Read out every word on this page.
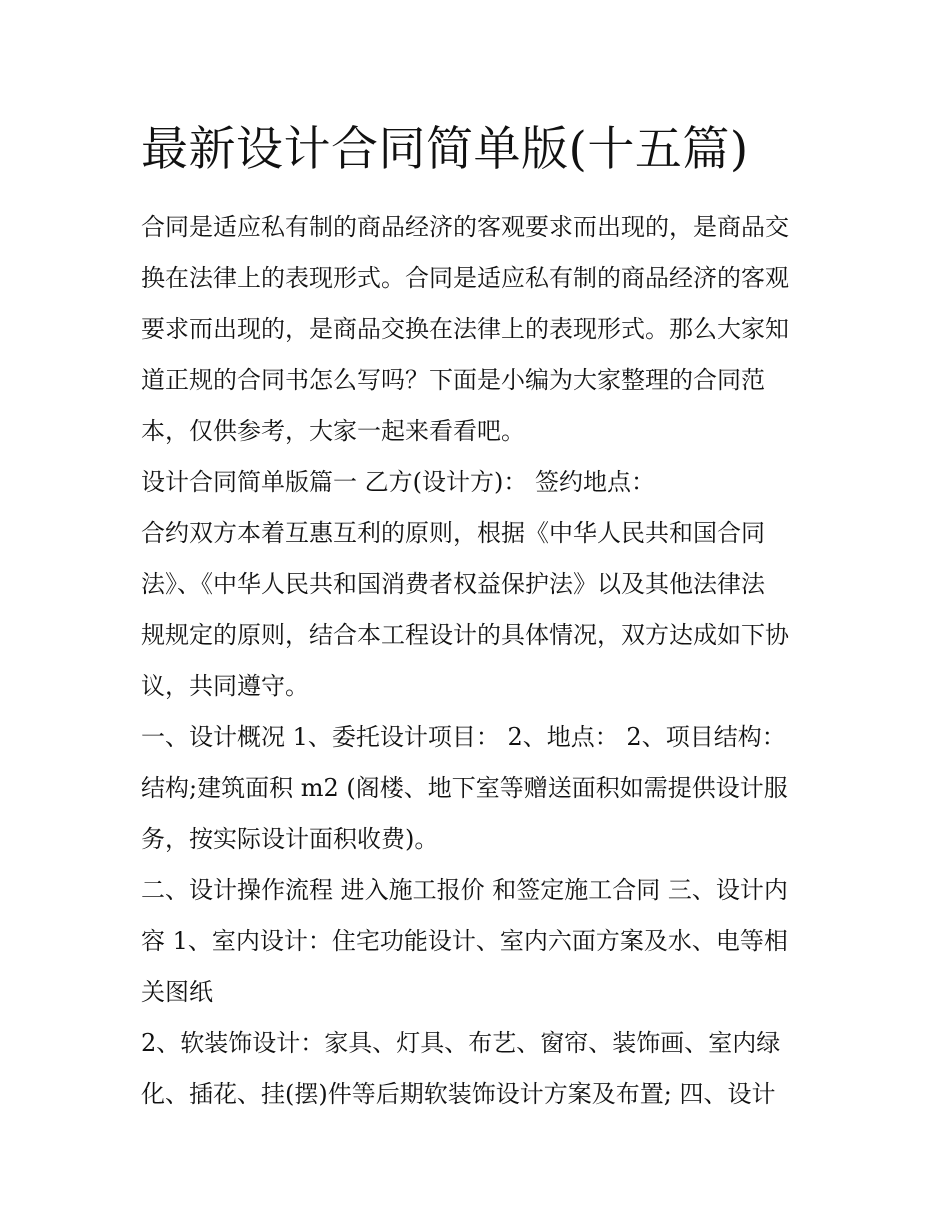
最新设计合同简单版(十五篇)

合同是适应私有制的商品经济的客观要求而出现的，是商品交
换在法律上的表现形式。合同是适应私有制的商品经济的客观
要求而出现的，是商品交换在法律上的表现形式。那么大家知
道正规的合同书怎么写吗？下面是小编为大家整理的合同范
本，仅供参考，大家一起来看看吧。

设计合同简单版篇一 乙方(设计方)： 签约地点：

合约双方本着互惠互利的原则，根据《中华人民共和国合同
法》、《中华人民共和国消费者权益保护法》以及其他法律法
规规定的原则，结合本工程设计的具体情况，双方达成如下协
议，共同遵守。

一、设计概况 1、委托设计项目： 2、地点： 2、项目结构：
结构;建筑面积 m2 (阁楼、地下室等赠送面积如需提供设计服
务，按实际设计面积收费)。

二、设计操作流程 进入施工报价 和签定施工合同 三、设计内
容 1、室内设计：住宅功能设计、室内六面方案及水、电等相
关图纸

2、软装饰设计：家具、灯具、布艺、窗帘、装饰画、室内绿
化、插花、挂(摆)件等后期软装饰设计方案及布置; 四、设计
